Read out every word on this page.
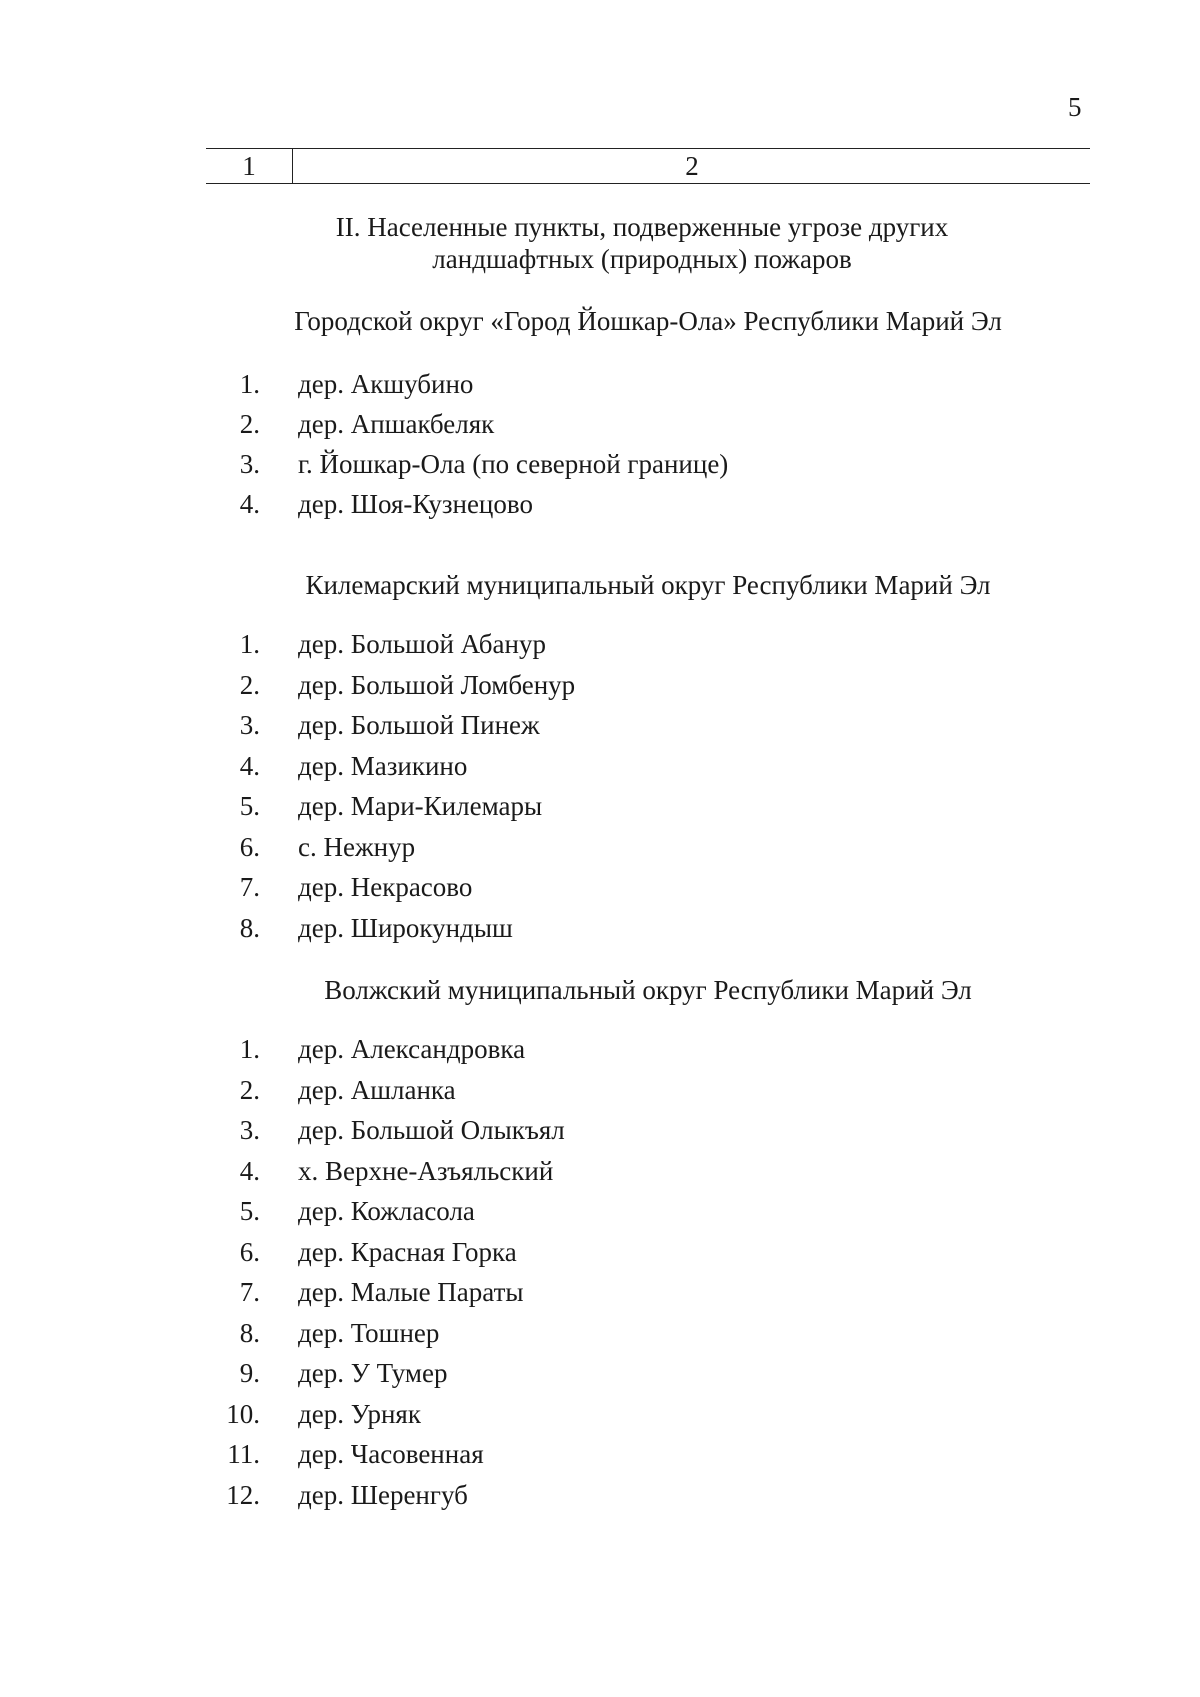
5
1	2
II. Населенные пункты, подверженные угрозе других
ландшафтных (природных) пожаров
Городской округ «Город Йошкар-Ола» Республики Марий Эл
1. дер. Акшубино
2. дер. Апшакбеляк
3. г. Йошкар-Ола (по северной границе)
4. дер. Шоя-Кузнецово
Килемарский муниципальный округ Республики Марий Эл
1. дер. Большой Абанур
2. дер. Большой Ломбенур
3. дер. Большой Пинеж
4. дер. Мазикино
5. дер. Мари-Килемары
6. с. Нежнур
7. дер. Некрасово
8. дер. Широкундыш
Волжский муниципальный округ Республики Марий Эл
1. дер. Александровка
2. дер. Ашланка
3. дер. Большой Олыкъял
4. х. Верхне-Азъяльский
5. дер. Кожласола
6. дер. Красная Горка
7. дер. Малые Параты
8. дер. Тошнер
9. дер. У Тумер
10. дер. Урняк
11. дер. Часовенная
12. дер. Шеренгуб
